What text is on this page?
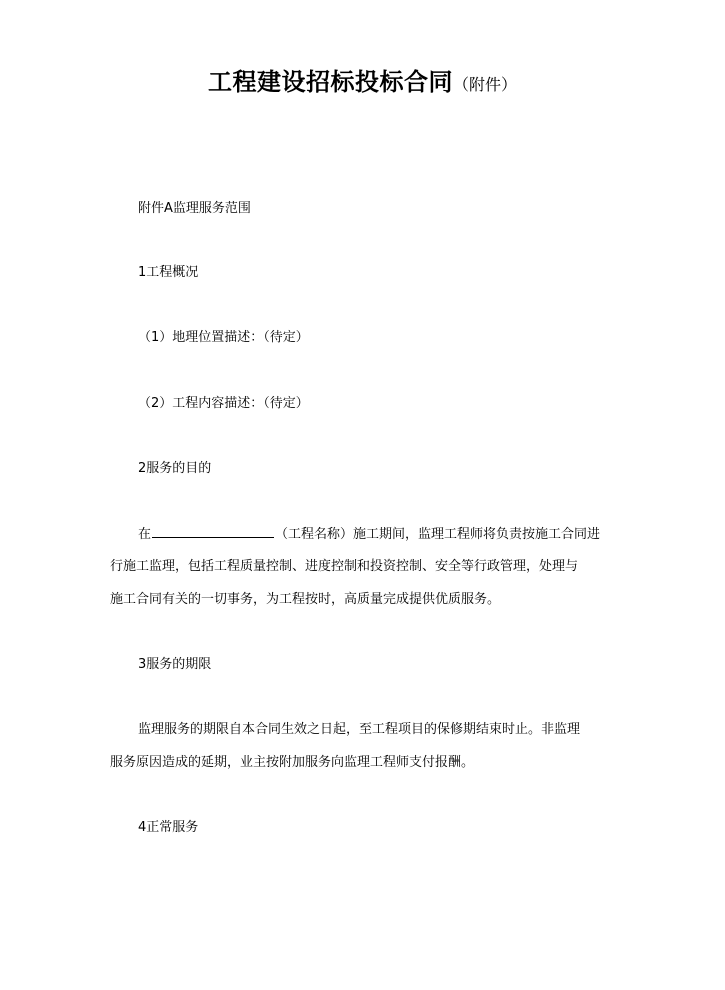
工程建设招标投标合同（附件）
附件A监理服务范围
1工程概况
（1）地理位置描述：（待定）
（2）工程内容描述：（待定）
2服务的目的
在	（工程名称）施工期间，监理工程师将负责按施工合同进
行施工监理，包括工程质量控制、进度控制和投资控制、安全等行政管理，处理与
施工合同有关的一切事务，为工程按时，高质量完成提供优质服务。
3服务的期限
监理服务的期限自本合同生效之日起，至工程项目的保修期结束时止。非监理
服务原因造成的延期，业主按附加服务向监理工程师支付报酬。
4正常服务
